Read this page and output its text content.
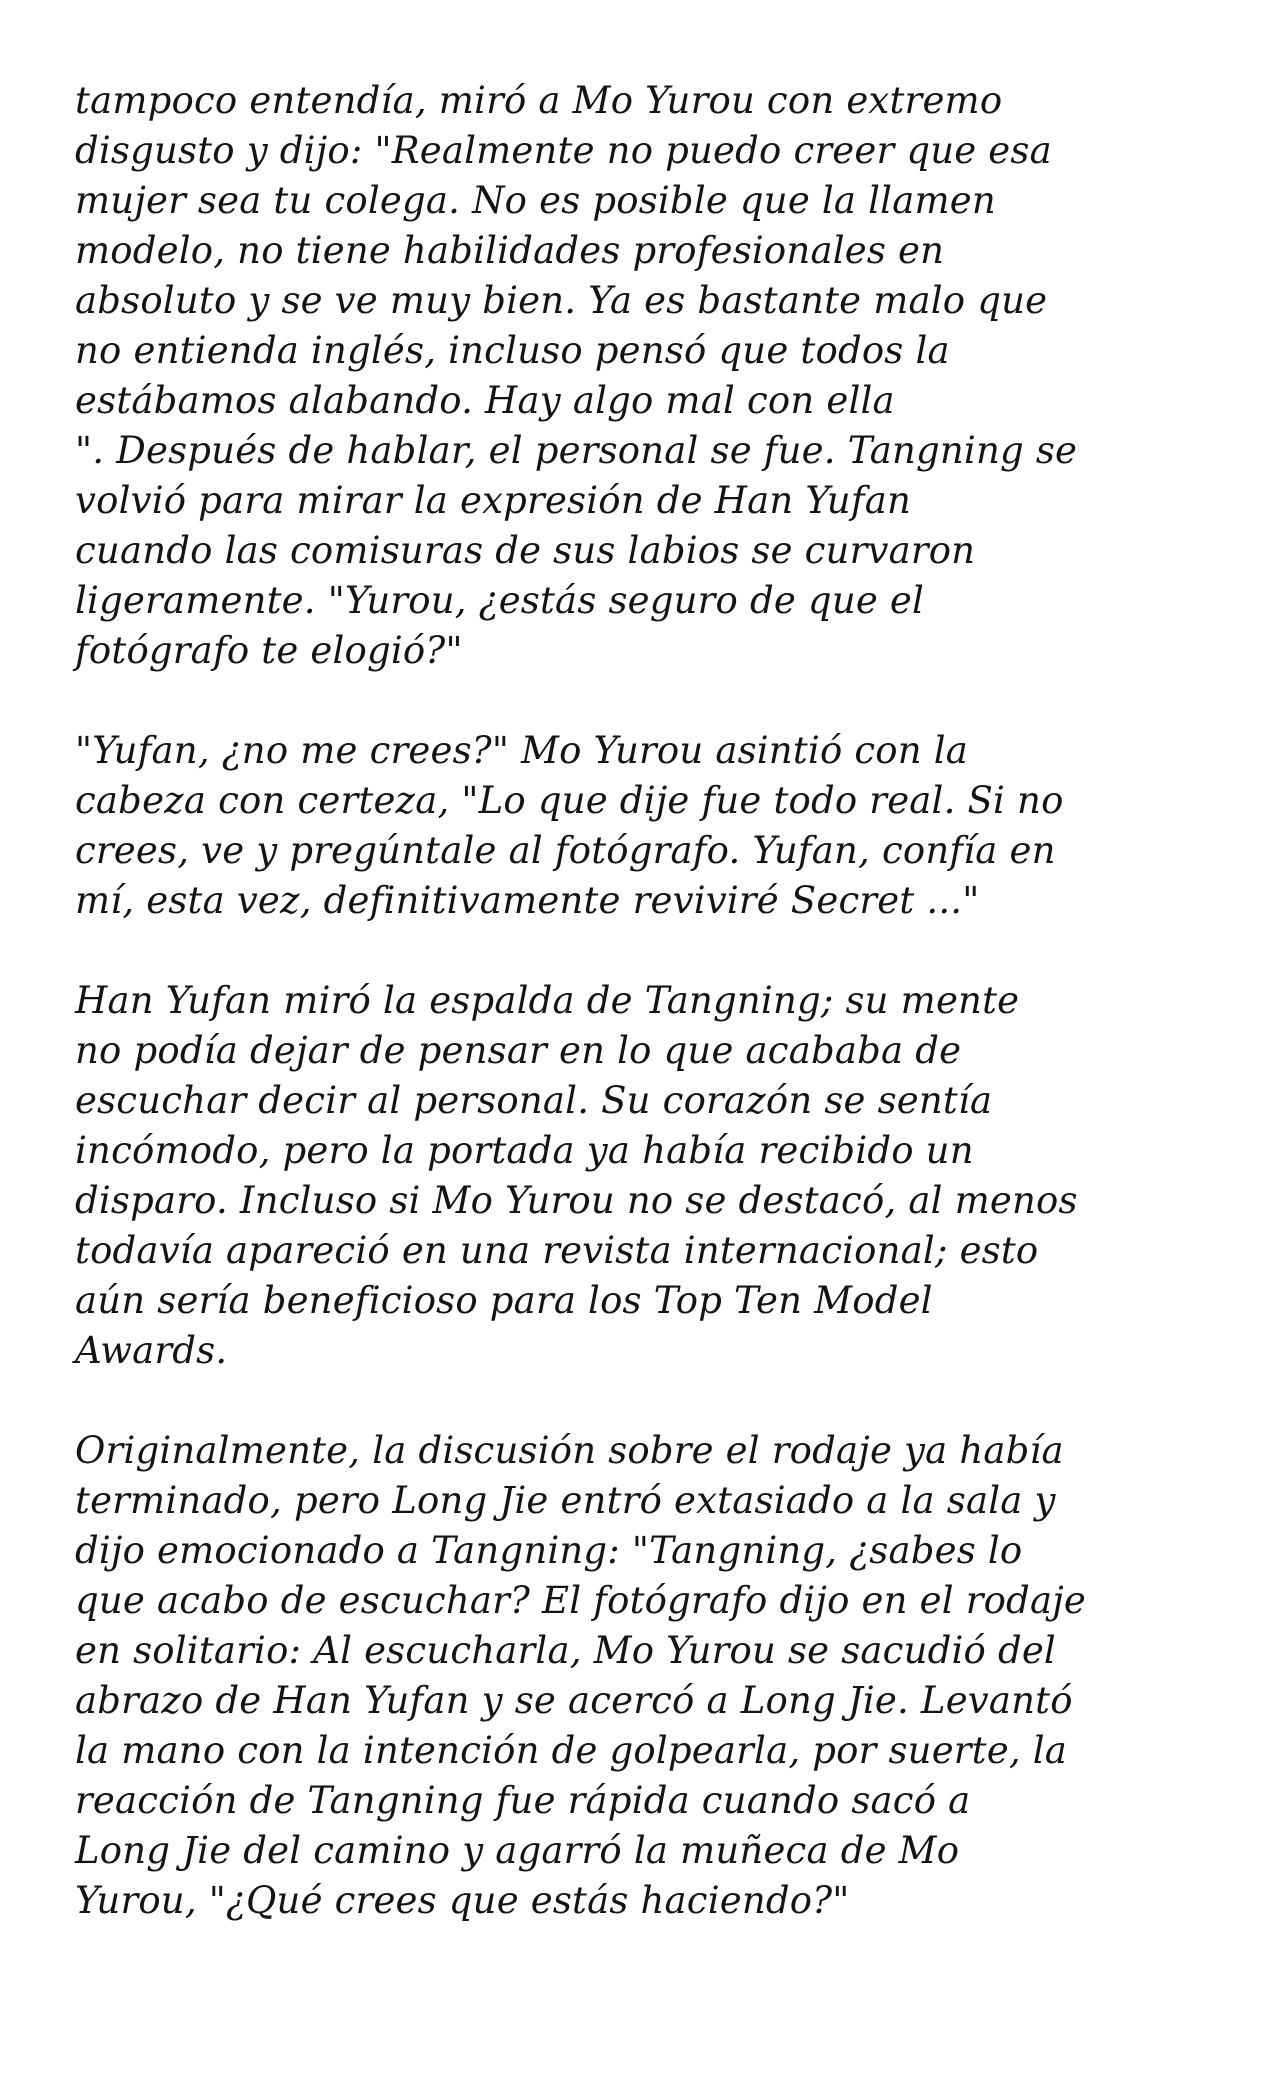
tampoco entendía, miró a Mo Yurou con extremo
disgusto y dijo: "Realmente no puedo creer que esa
mujer sea tu colega. No es posible que la llamen
modelo, no tiene habilidades profesionales en
absoluto y se ve muy bien. Ya es bastante malo que
no entienda inglés, incluso pensó que todos la
estábamos alabando. Hay algo mal con ella
". Después de hablar, el personal se fue. Tangning se
volvió para mirar la expresión de Han Yufan
cuando las comisuras de sus labios se curvaron
ligeramente. "Yurou, ¿estás seguro de que el
fotógrafo te elogió?"
"Yufan, ¿no me crees?" Mo Yurou asintió con la
cabeza con certeza, "Lo que dije fue todo real. Si no
crees, ve y pregúntale al fotógrafo. Yufan, confía en
mí, esta vez, definitivamente reviviré Secret ..."
Han Yufan miró la espalda de Tangning; su mente
no podía dejar de pensar en lo que acababa de
escuchar decir al personal. Su corazón se sentía
incómodo, pero la portada ya había recibido un
disparo. Incluso si Mo Yurou no se destacó, al menos
todavía apareció en una revista internacional; esto
aún sería beneficioso para los Top Ten Model
Awards.
Originalmente, la discusión sobre el rodaje ya había
terminado, pero Long Jie entró extasiado a la sala y
dijo emocionado a Tangning: "Tangning, ¿sabes lo
que acabo de escuchar? El fotógrafo dijo en el rodaje
en solitario: Al escucharla, Mo Yurou se sacudió del
abrazo de Han Yufan y se acercó a Long Jie. Levantó
la mano con la intención de golpearla, por suerte, la
reacción de Tangning fue rápida cuando sacó a
Long Jie del camino y agarró la muñeca de Mo
Yurou, "¿Qué crees que estás haciendo?"
